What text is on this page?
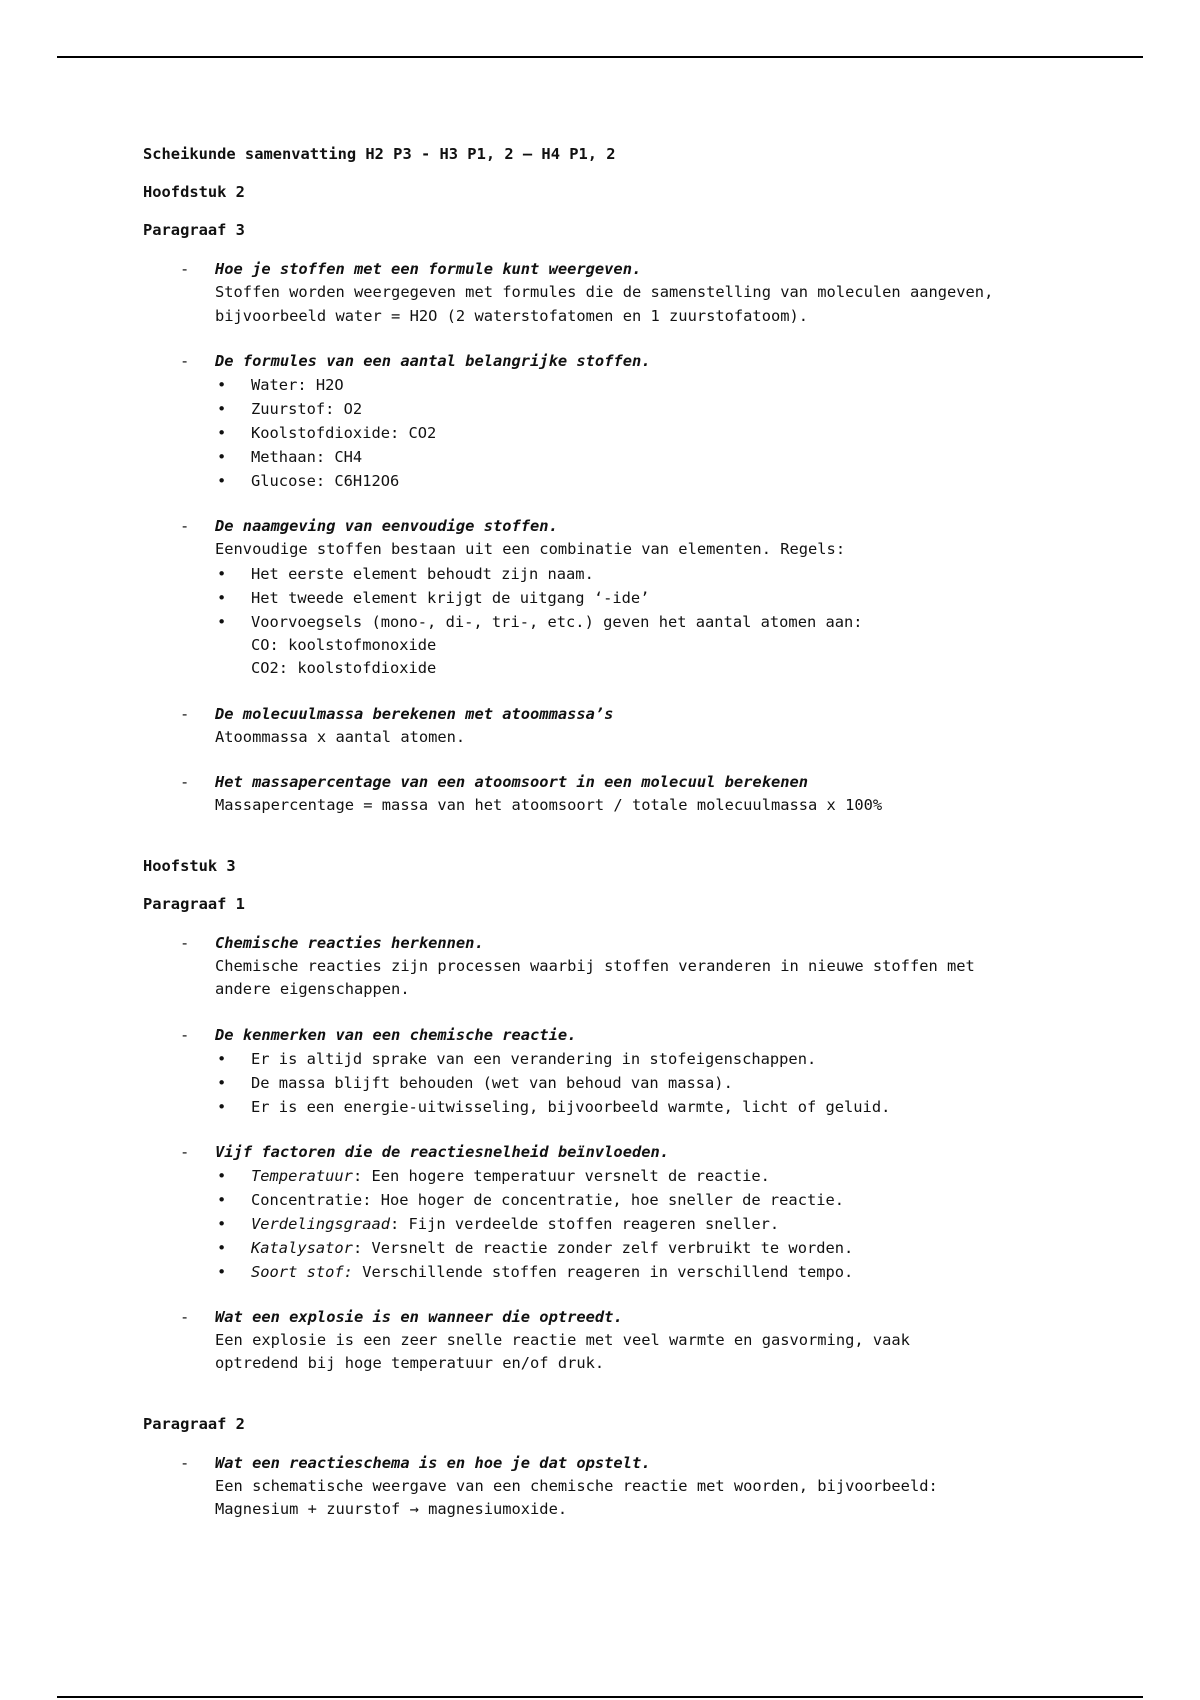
Scheikunde samenvatting H2 P3 - H3 P1, 2 – H4 P1, 2
Hoofdstuk 2
Paragraaf 3
- Hoe je stoffen met een formule kunt weergeven.
Stoffen worden weergegeven met formules die de samenstelling van moleculen aangeven,
bijvoorbeeld water = H2O (2 waterstofatomen en 1 zuurstofatoom).
- De formules van een aantal belangrijke stoffen.
• Water: H2O
• Zuurstof: O2
• Koolstofdioxide: CO2
• Methaan: CH4
• Glucose: C6H12O6
- De naamgeving van eenvoudige stoffen.
Eenvoudige stoffen bestaan uit een combinatie van elementen. Regels:
• Het eerste element behoudt zijn naam.
• Het tweede element krijgt de uitgang ‘-ide’
• Voorvoegsels (mono-, di-, tri-, etc.) geven het aantal atomen aan:
CO: koolstofmonoxide
CO2: koolstofdioxide
- De molecuulmassa berekenen met atoommassa’s
Atoommassa x aantal atomen.
- Het massapercentage van een atoomsoort in een molecuul berekenen
Massapercentage = massa van het atoomsoort / totale molecuulmassa x 100%
Hoofstuk 3
Paragraaf 1
- Chemische reacties herkennen.
Chemische reacties zijn processen waarbij stoffen veranderen in nieuwe stoffen met
andere eigenschappen.
- De kenmerken van een chemische reactie.
• Er is altijd sprake van een verandering in stofeigenschappen.
• De massa blijft behouden (wet van behoud van massa).
• Er is een energie-uitwisseling, bijvoorbeeld warmte, licht of geluid.
- Vijf factoren die de reactiesnelheid beïnvloeden.
• Temperatuur: Een hogere temperatuur versnelt de reactie.
• Concentratie: Hoe hoger de concentratie, hoe sneller de reactie.
• Verdelingsgraad: Fijn verdeelde stoffen reageren sneller.
• Katalysator: Versnelt de reactie zonder zelf verbruikt te worden.
• Soort stof: Verschillende stoffen reageren in verschillend tempo.
- Wat een explosie is en wanneer die optreedt.
Een explosie is een zeer snelle reactie met veel warmte en gasvorming, vaak
optredend bij hoge temperatuur en/of druk.
Paragraaf 2
- Wat een reactieschema is en hoe je dat opstelt.
Een schematische weergave van een chemische reactie met woorden, bijvoorbeeld:
Magnesium + zuurstof → magnesiumoxide.
